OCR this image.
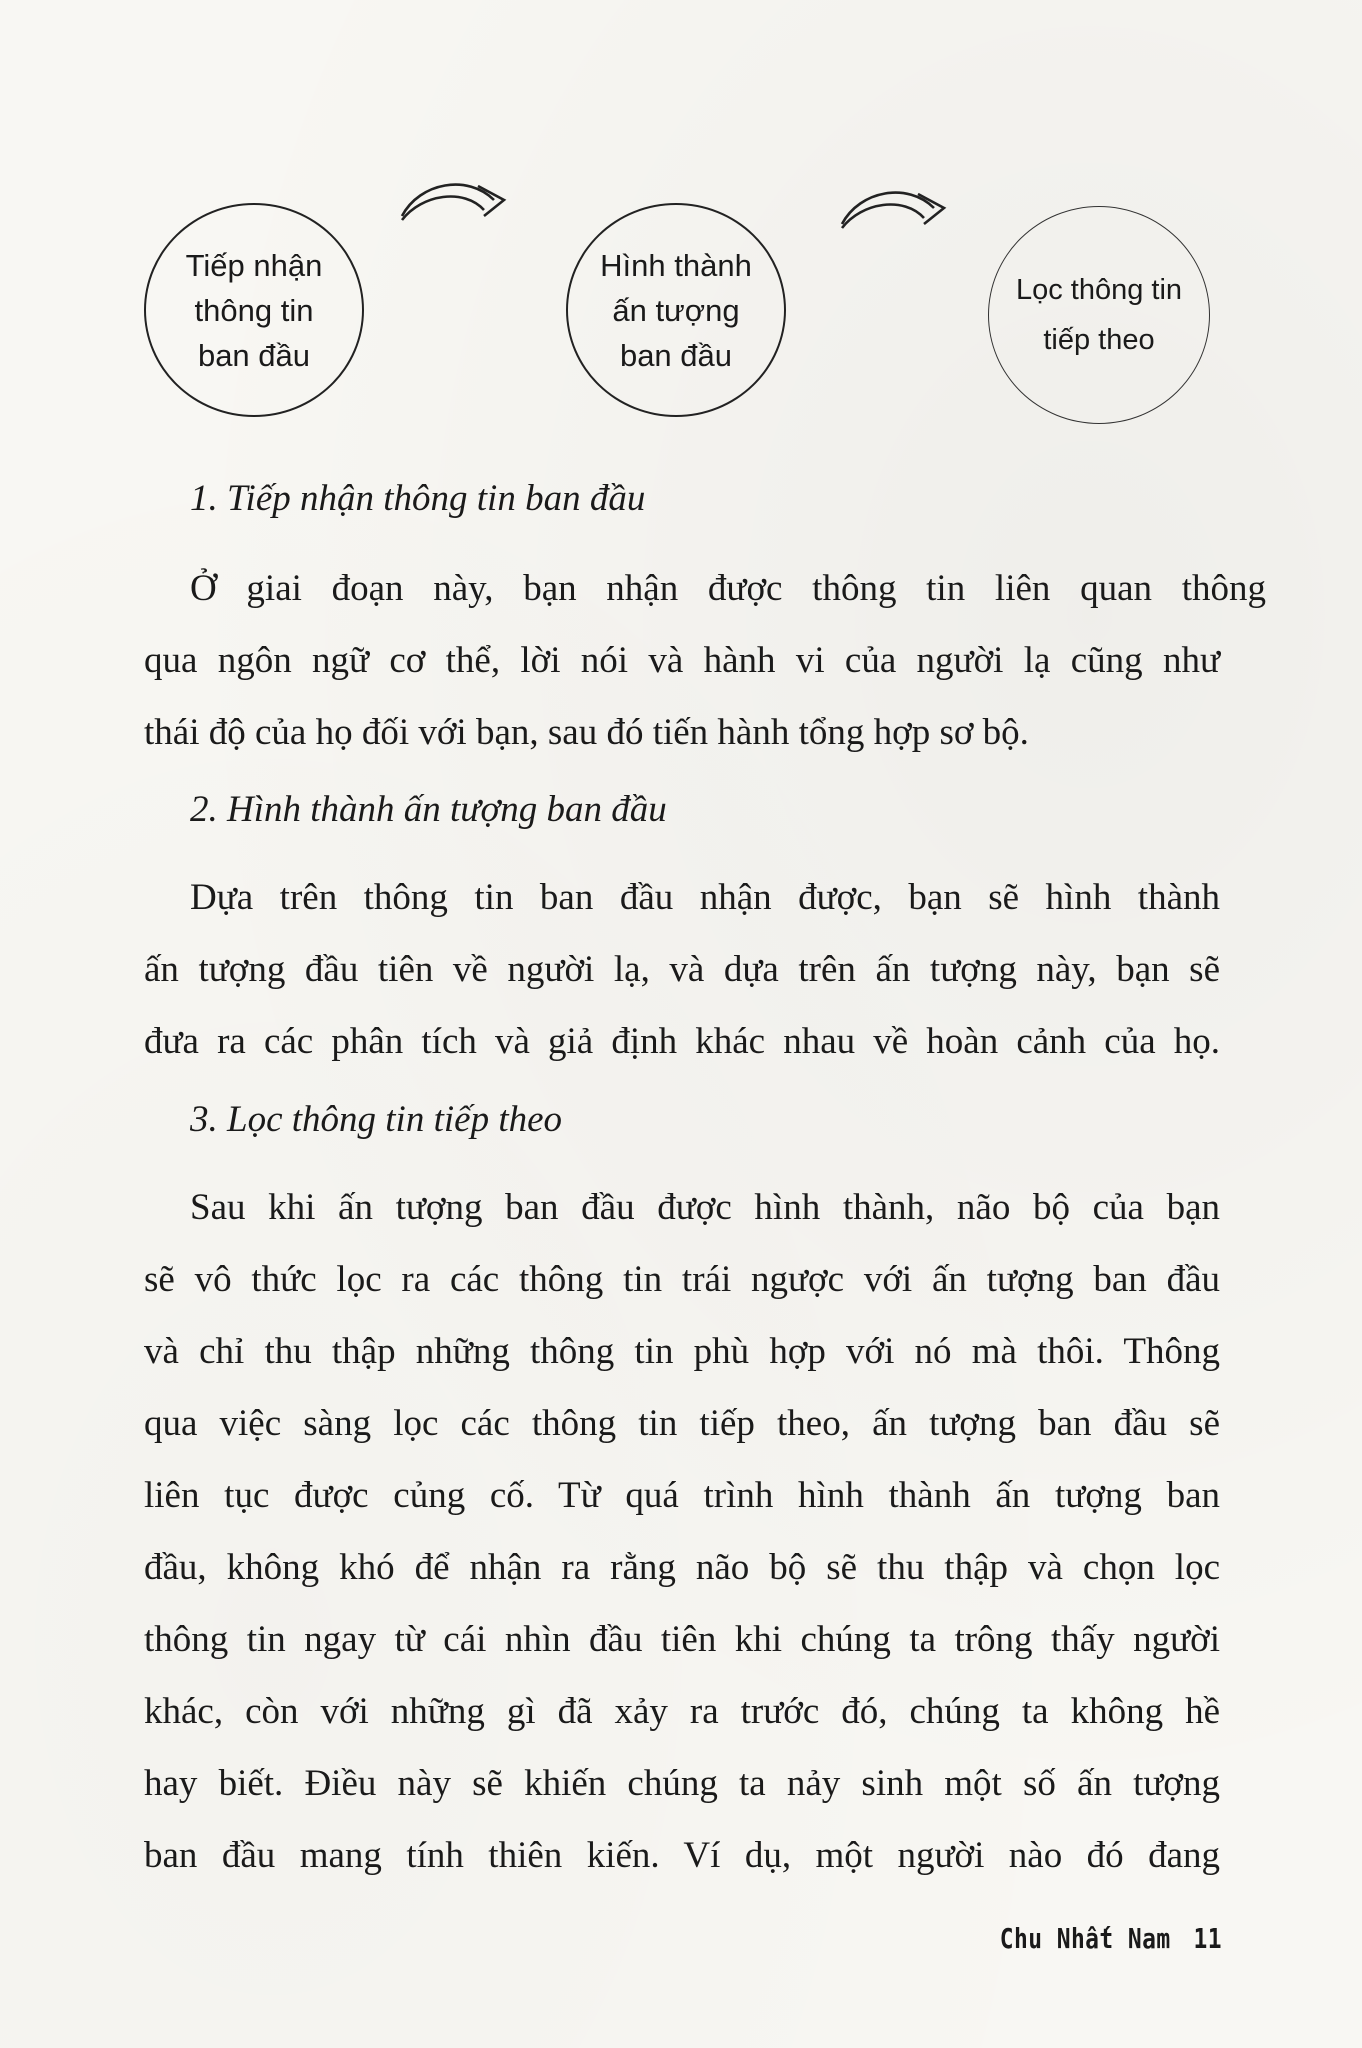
Tiếp nhận
thông tin
ban đầu
Hình thành
ấn tượng
ban đầu
Lọc thông tin
tiếp theo
1. Tiếp nhận thông tin ban đầu
Ở giai đoạn này, bạn nhận được thông tin liên quan thông
qua ngôn ngữ cơ thể, lời nói và hành vi của người lạ cũng như
thái độ của họ đối với bạn, sau đó tiến hành tổng hợp sơ bộ.
2. Hình thành ấn tượng ban đầu
Dựa trên thông tin ban đầu nhận được, bạn sẽ hình thành
ấn tượng đầu tiên về người lạ, và dựa trên ấn tượng này, bạn sẽ
đưa ra các phân tích và giả định khác nhau về hoàn cảnh của họ.
3. Lọc thông tin tiếp theo
Sau khi ấn tượng ban đầu được hình thành, não bộ của bạn
sẽ vô thức lọc ra các thông tin trái ngược với ấn tượng ban đầu
và chỉ thu thập những thông tin phù hợp với nó mà thôi. Thông
qua việc sàng lọc các thông tin tiếp theo, ấn tượng ban đầu sẽ
liên tục được củng cố. Từ quá trình hình thành ấn tượng ban
đầu, không khó để nhận ra rằng não bộ sẽ thu thập và chọn lọc
thông tin ngay từ cái nhìn đầu tiên khi chúng ta trông thấy người
khác, còn với những gì đã xảy ra trước đó, chúng ta không hề
hay biết. Điều này sẽ khiến chúng ta nảy sinh một số ấn tượng
ban đầu mang tính thiên kiến. Ví dụ, một người nào đó đang
Chu Nhất Nam 11
